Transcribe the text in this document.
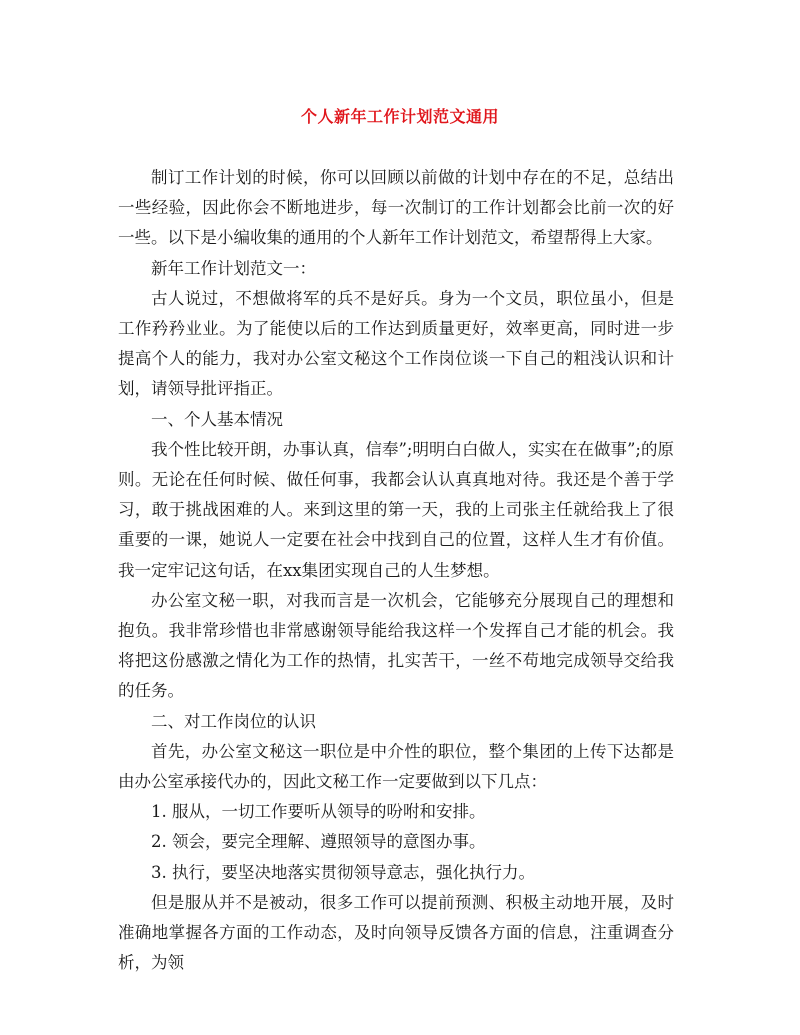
个人新年工作计划范文通用

制订工作计划的时候，你可以回顾以前做的计划中存在的不足，总结出一些经验，因此你会不断地进步，每一次制订的工作计划都会比前一次的好一些。以下是小编收集的通用的个人新年工作计划范文，希望帮得上大家。

新年工作计划范文一：

古人说过，不想做将军的兵不是好兵。身为一个文员，职位虽小，但是工作矜矜业业。为了能使以后的工作达到质量更好，效率更高，同时进一步提高个人的能力，我对办公室文秘这个工作岗位谈一下自己的粗浅认识和计划，请领导批评指正。

一、个人基本情况

我个性比较开朗，办事认真，信奉”;明明白白做人，实实在在做事”;的原则。无论在任何时候、做任何事，我都会认认真真地对待。我还是个善于学习，敢于挑战困难的人。来到这里的第一天，我的上司张主任就给我上了很重要的一课，她说人一定要在社会中找到自己的位置，这样人生才有价值。我一定牢记这句话，在xx集团实现自己的人生梦想。

办公室文秘一职，对我而言是一次机会，它能够充分展现自己的理想和抱负。我非常珍惜也非常感谢领导能给我这样一个发挥自己才能的机会。我将把这份感激之情化为工作的热情，扎实苦干，一丝不苟地完成领导交给我的任务。

二、对工作岗位的认识

首先，办公室文秘这一职位是中介性的职位，整个集团的上传下达都是由办公室承接代办的，因此文秘工作一定要做到以下几点：

1. 服从，一切工作要听从领导的吩咐和安排。

2. 领会，要完全理解、遵照领导的意图办事。

3. 执行，要坚决地落实贯彻领导意志，强化执行力。

但是服从并不是被动，很多工作可以提前预测、积极主动地开展，及时准确地掌握各方面的工作动态，及时向领导反馈各方面的信息，注重调查分析，为领
